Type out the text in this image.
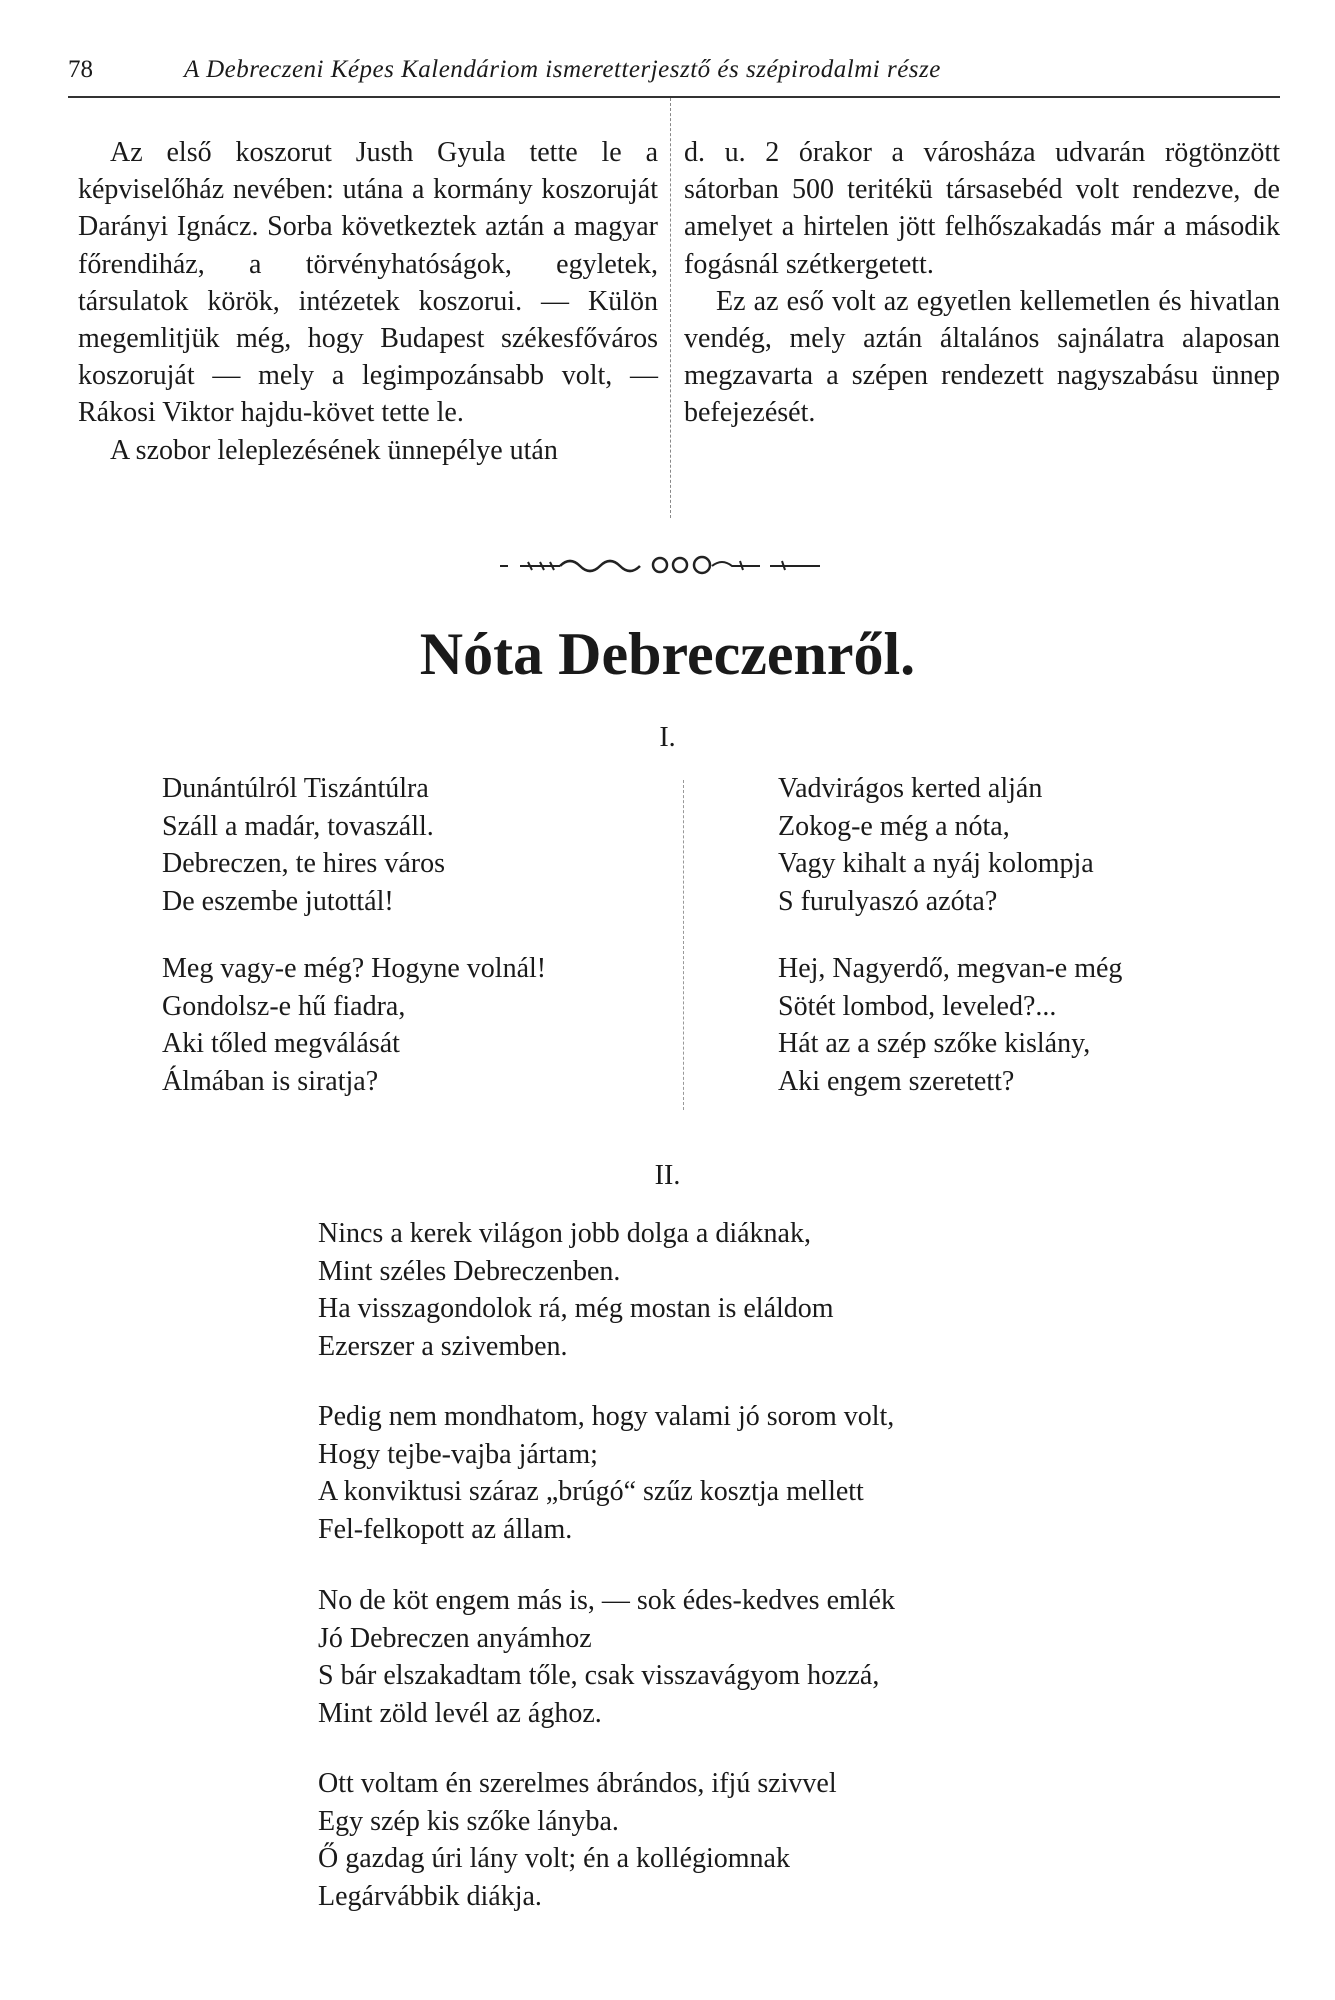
78	A Debreczeni Képes Kalendáriom ismeretterjesztő és szépirodalmi része

Az első koszorut Justh Gyula tette le a képviselőház nevében: utána a kormány koszoruját Darányi Ignácz. Sorba következtek aztán a magyar főrendiház, a törvényhatóságok, egyletek, társulatok körök, intézetek koszorui. — Külön megemlitjük még, hogy Budapest székesfőváros koszoruját — mely a legimpozánsabb volt, — Rákosi Viktor hajdu-követ tette le.

A szobor leleplezésének ünnepélye után

d. u. 2 órakor a városháza udvarán rögtönzött sátorban 500 teritékü társasebéd volt rendezve, de amelyet a hirtelen jött felhőszakadás már a második fogásnál szétkergetett.

Ez az eső volt az egyetlen kellemetlen és hivatlan vendég, mely aztán általános sajnálatra alaposan megzavarta a szépen rendezett nagyszabásu ünnep befejezését.

Nóta Debreczenről.
I.
Dunántúlról Tiszántúlra
Száll a madár, tovaszáll.
Debreczen, te hires város
De eszembe jutottál!
Meg vagy-e még? Hogyne volnál!
Gondolsz-e hű fiadra,
Aki tőled megválását
Álmában is siratja?
Vadvirágos kerted alján
Zokog-e még a nóta,
Vagy kihalt a nyáj kolompja
S furulyaszó azóta?
Hej, Nagyerdő, megvan-e még
Sötét lombod, leveled?...
Hát az a szép szőke kislány,
Aki engem szeretett?
II.
Nincs a kerek világon jobb dolga a diáknak,
Mint széles Debreczenben.
Ha visszagondolok rá, még mostan is eláldom
Ezerszer a szivemben.
Pedig nem mondhatom, hogy valami jó sorom volt,
Hogy tejbe-vajba jártam;
A konviktusi száraz „brúgó“ szűz kosztja mellett
Fel-felkopott az állam.
No de köt engem más is, — sok édes-kedves emlék
Jó Debreczen anyámhoz
S bár elszakadtam tőle, csak visszavágyom hozzá,
Mint zöld levél az ághoz.
Ott voltam én szerelmes ábrándos, ifjú szivvel
Egy szép kis szőke lányba.
Ő gazdag úri lány volt; én a kollégiomnak
Legárvábbik diákja.
